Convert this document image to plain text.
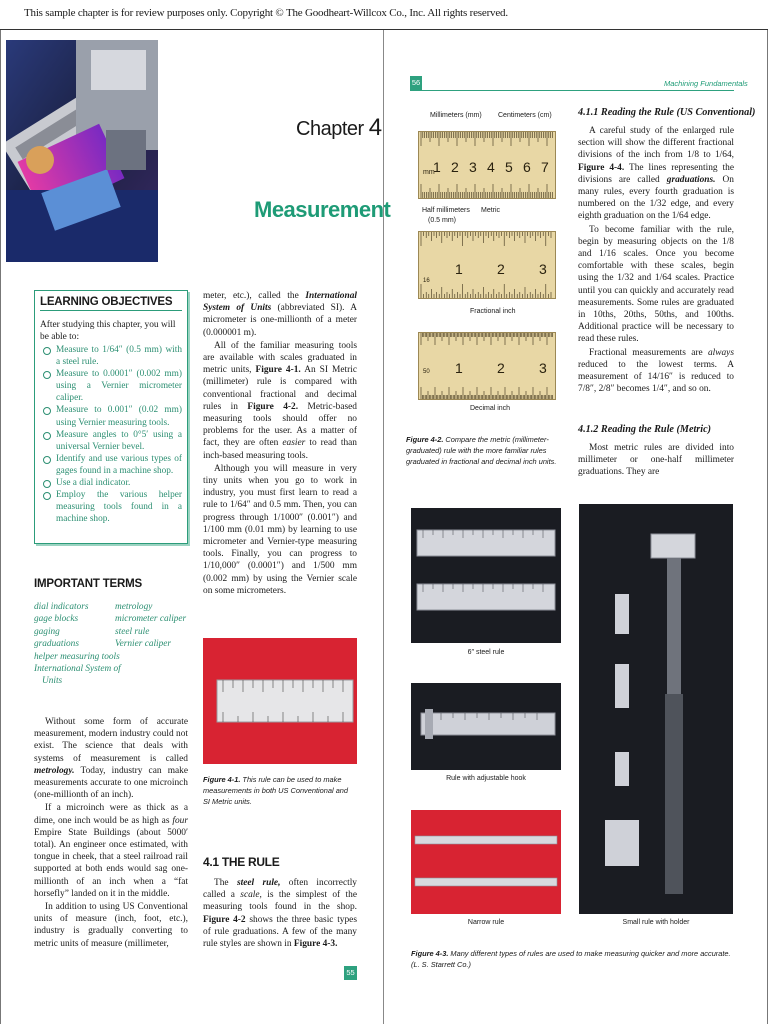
This sample chapter is for review purposes only. Copyright © The Goodheart-Willcox Co., Inc. All rights reserved.
Chapter 4
Measurement
LEARNING OBJECTIVES
After studying this chapter, you will be able to:
Measure to 1/64″ (0.5 mm) with a steel rule.
Measure to 0.0001″ (0.002 mm) using a Vernier micrometer caliper.
Measure to 0.001″ (0.02 mm) using Vernier measuring tools.
Measure angles to 0°5′ using a universal Vernier bevel.
Identify and use various types of gages found in a machine shop.
Use a dial indicator.
Employ the various helper measuring tools found in a machine shop.
IMPORTANT TERMS
dial indicators
gage blocks
gaging
graduations
helper measuring tools
International System of
Units
metrology
micrometer caliper
steel rule
Vernier caliper

Without some form of accurate measurement, modern industry could not exist. The science that deals with systems of measurement is called metrology. Today, industry can make measurements accurate to one microinch (one-millionth of an inch).

If a microinch were as thick as a dime, one inch would be as high as four Empire State Buildings (about 5000′ total). An engineer once estimated, with tongue in cheek, that a steel railroad rail supported at both ends would sag one-millionth of an inch when a “fat horsefly” landed on it in the middle.

In addition to using US Conventional units of measure (inch, foot, etc.), industry is gradually converting to metric units of measure (millimeter,

meter, etc.), called the International System of Units (abbreviated SI). A micrometer is one-millionth of a meter (0.000001 m).

All of the familiar measuring tools are available with scales graduated in metric units, Figure 4-1. An SI Metric (millimeter) rule is compared with conventional fractional and decimal rules in Figure 4-2. Metric-based measuring tools should offer no problems for the user. As a matter of fact, they are often easier to read than inch-based measuring tools.

Although you will measure in very tiny units when you go to work in industry, you must first learn to read a rule to 1/64″ and 0.5 mm. Then, you can progress through 1/1000″ (0.001″) and 1/100 mm (0.01 mm) by learning to use micrometer and Vernier-type measuring tools. Finally, you can progress to 1/10,000″ (0.0001″) and 1/500 mm (0.002 mm) by using the Vernier scale on some micrometers.

Figure 4-1. This rule can be used to make measurements in both US Conventional and SI Metric units.
4.1 THE RULE

The steel rule, often incorrectly called a scale, is the simplest of the measuring tools found in the shop. Figure 4-2 shows the three basic types of rule graduations. A few of the many rule styles are shown in Figure 4-3.

55
56	Machining Fundamentals
Millimeters (mm) Centimeters (cm)
mm
1 2 3 4 5 6 7
Half millimeters
(0.5 mm)
Metric
16
1 2 3
Fractional inch
50 1 2 3
Decimal inch
Figure 4-2. Compare the metric (millimeter-graduated) rule with the more familiar rules graduated in fractional and decimal inch units.
4.1.1 Reading the Rule (US Conventional)

A careful study of the enlarged rule section will show the different fractional divisions of the inch from 1/8 to 1/64, Figure 4-4. The lines representing the divisions are called graduations. On many rules, every fourth graduation is numbered on the 1/32 edge, and every eighth graduation on the 1/64 edge.

To become familiar with the rule, begin by measuring objects on the 1/8 and 1/16 scales. Once you become comfortable with these scales, begin using the 1/32 and 1/64 scales. Practice until you can quickly and accurately read measurements. Some rules are graduated in 10ths, 20ths, 50ths, and 100ths. Additional practice will be necessary to read these rules.

Fractional measurements are always reduced to the lowest terms. A measurement of 14/16″ is reduced to 7/8″, 2/8″ becomes 1/4″, and so on.

4.1.2 Reading the Rule (Metric)

Most metric rules are divided into millimeter or one-half millimeter graduations. They are

6″ steel rule
Rule with adjustable hook
Narrow rule	Small rule with holder
Figure 4-3. Many different types of rules are used to make measuring quicker and more accurate. (L. S. Starrett Co.)
